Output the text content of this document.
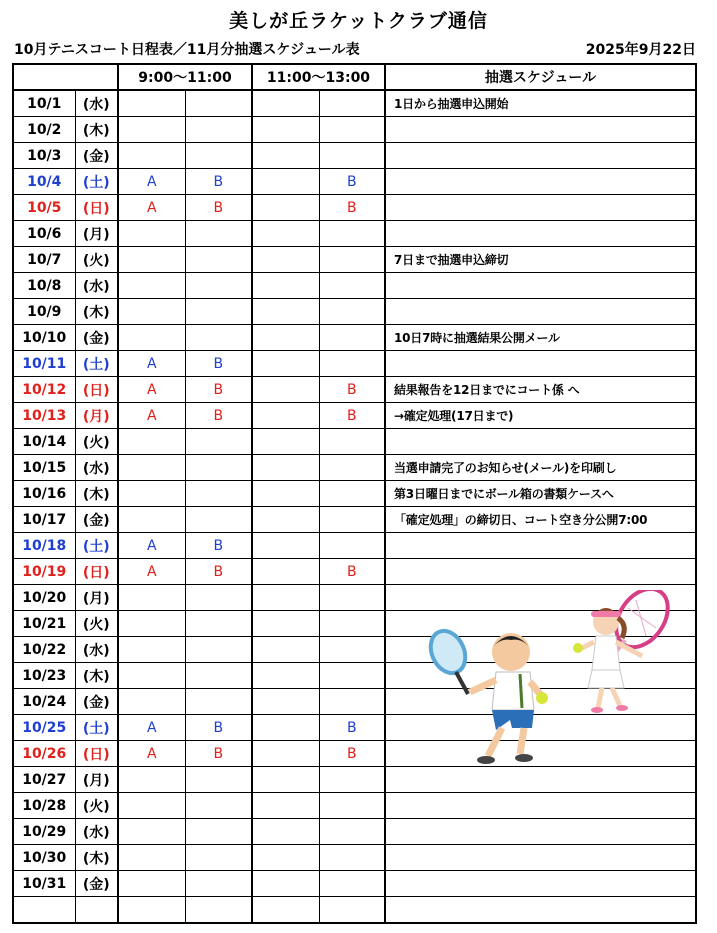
美しが丘ラケットクラブ通信
10月テニスコート日程表／11月分抽選スケジュール表	2025年9月22日
		9:00〜11:00		11:00〜13:00		抽選スケジュール
10/1	(水)					1日から抽選申込開始
10/2	(木)					
10/3	(金)					
10/4	(土)	A	B		B	
10/5	(日)	A	B		B	
10/6	(月)					
10/7	(火)					7日まで抽選申込締切
10/8	(水)					
10/9	(木)					
10/10	(金)					10日7時に抽選結果公開メール
10/11	(土)	A	B			
10/12	(日)	A	B		B	結果報告を12日までにコート係 へ
10/13	(月)	A	B		B	→確定処理(17日まで)
10/14	(火)					
10/15	(水)					当選申請完了のお知らせ(メール)を印刷し
10/16	(木)					第3日曜日までにボール箱の書類ケースへ
10/17	(金)					「確定処理」の締切日、コート空き分公開7:00
10/18	(土)	A	B			
10/19	(日)	A	B		B	
10/20	(月)					
10/21	(火)					
10/22	(水)					
10/23	(木)					
10/24	(金)					
10/25	(土)	A	B		B	
10/26	(日)	A	B		B	
10/27	(月)					
10/28	(火)					
10/29	(水)					
10/30	(木)					
10/31	(金)					
